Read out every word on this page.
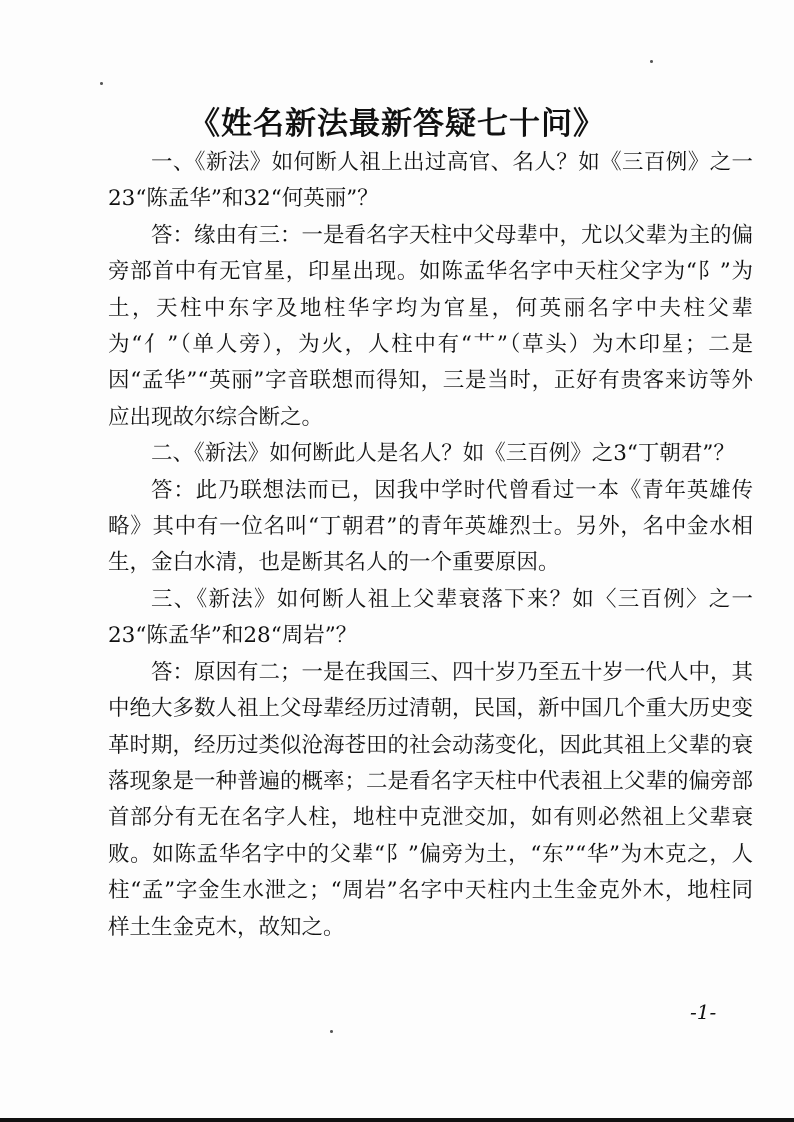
《姓名新法最新答疑七十问》

一、《新法》如何断人祖上出过高官、名人？如《三百例》之一23“陈孟华”和32“何英丽”？

答：缘由有三：一是看名字天柱中父母辈中，尤以父辈为主的偏旁部首中有无官星，印星出现。如陈孟华名字中天柱父字为“阝”为土，天柱中东字及地柱华字均为官星，何英丽名字中夫柱父辈为“亻”（单人旁），为火，人柱中有“艹”（草头）为木印星；二是因“孟华”“英丽”字音联想而得知，三是当时，正好有贵客来访等外应出现故尔综合断之。

二、《新法》如何断此人是名人？如《三百例》之3“丁朝君”？

答：此乃联想法而已，因我中学时代曾看过一本《青年英雄传略》其中有一位名叫“丁朝君”的青年英雄烈士。另外，名中金水相生，金白水清，也是断其名人的一个重要原因。

三、《新法》如何断人祖上父辈衰落下来？如〈三百例〉之一23“陈孟华”和28“周岩”？

答：原因有二；一是在我国三、四十岁乃至五十岁一代人中，其中绝大多数人祖上父母辈经历过清朝，民国，新中国几个重大历史变革时期，经历过类似沧海苍田的社会动荡变化，因此其祖上父辈的衰落现象是一种普遍的概率；二是看名字天柱中代表祖上父辈的偏旁部首部分有无在名字人柱，地柱中克泄交加，如有则必然祖上父辈衰败。如陈孟华名字中的父辈“阝”偏旁为土，“东”“华”为木克之，人柱“孟”字金生水泄之；“周岩”名字中天柱内土生金克外木，地柱同样土生金克木，故知之。

-1-
